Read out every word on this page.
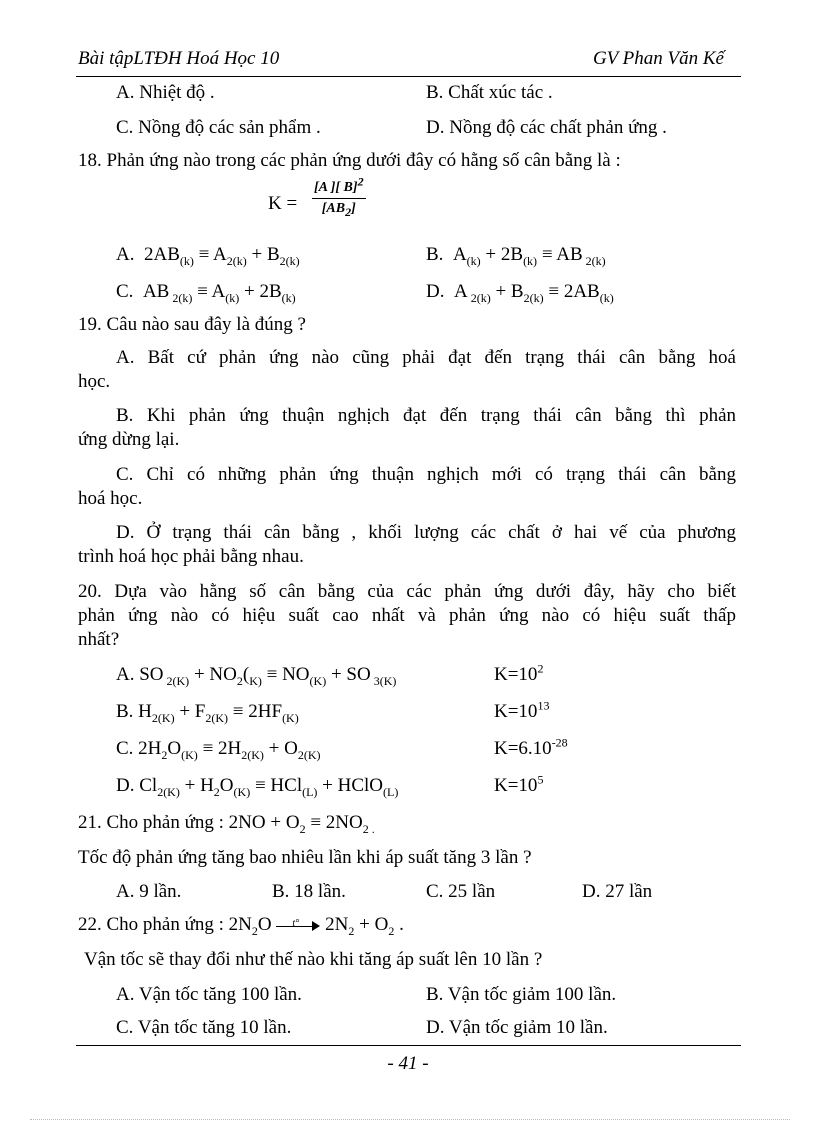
Bài tậpLTĐH Hoá Học 10	GV Phan Văn Kế
A. Nhiệt độ .	B. Chất xúc tác .
C. Nồng độ các sản phẩm .	D. Nồng độ các chất phản ứng .
18. Phản ứng nào trong các phản ứng dưới đây có hằng số cân bằng là :
K =
[A ][ B]$^2$
$[AB_2]$
A. $2AB_{(k)} \equiv A_{2(k)} + B_{2(k)}$	B. $A_{(k)} + 2B_{(k)}$ ≡ AB $_{2(k)}$
C. AB $_{2(k)} \equiv A_{(k)} + 2B_{(k)}$	D. A $_{2(k)} + B_{2(k)} \equiv 2AB_{(k)}$
19. Câu nào sau đây là đúng ?
A. Bất cứ phản ứng nào cũng phải đạt đến trạng thái cân bằng hoá
học.
B. Khi phản ứng thuận nghịch đạt đến trạng thái cân bằng thì phản
ứng dừng lại.
C. Chỉ có những phản ứng thuận nghịch mới có trạng thái cân bằng
hoá học.
D. Ở trạng thái cân bằng , khối lượng các chất ở hai vế của phương
trình hoá học phải bằng nhau.
20. Dựa vào hằng số cân bằng của các phản ứng dưới đây, hãy cho biết
phản ứng nào có hiệu suất cao nhất và phản ứng nào có hiệu suất thấp
nhất?
A. SO $_{2(K)} + NO_2(_{K)} \equiv NO_{(K)}$ + SO $_{3(K)}$	$K=10^2$
B. $H_{2(K)} + F_{2(K)} \equiv 2HF_{(K)}$	$K=10^{13}$
C. $2H_2O_{(K)} \equiv 2H_{2(K)} + O_{2(K)}$	$K=6.10^{-28}$
D. $Cl_{2(K)} + H_2O_{(K)} \equiv HCl_{(L)}$ + HClO$_{(L)}$	$K=10^5$
21. Cho phản ứng : $2NO + O_2 \equiv 2NO_{2 .}$
Tốc độ phản ứng tăng bao nhiêu lần khi áp suất tăng 3 lần ?
A. 9 lần.	B. 18 lần.	C. 25 lần	D. 27 lần
22. Cho phản ứng : $2N_2O$ t° $2N_2 + O_2$ .
Vận tốc sẽ thay đổi như thế nào khi tăng áp suất lên 10 lần ?
A. Vận tốc tăng 100 lần.	B. Vận tốc giảm 100 lần.
C. Vận tốc tăng 10 lần.	D. Vận tốc giảm 10 lần.
- 41 -
